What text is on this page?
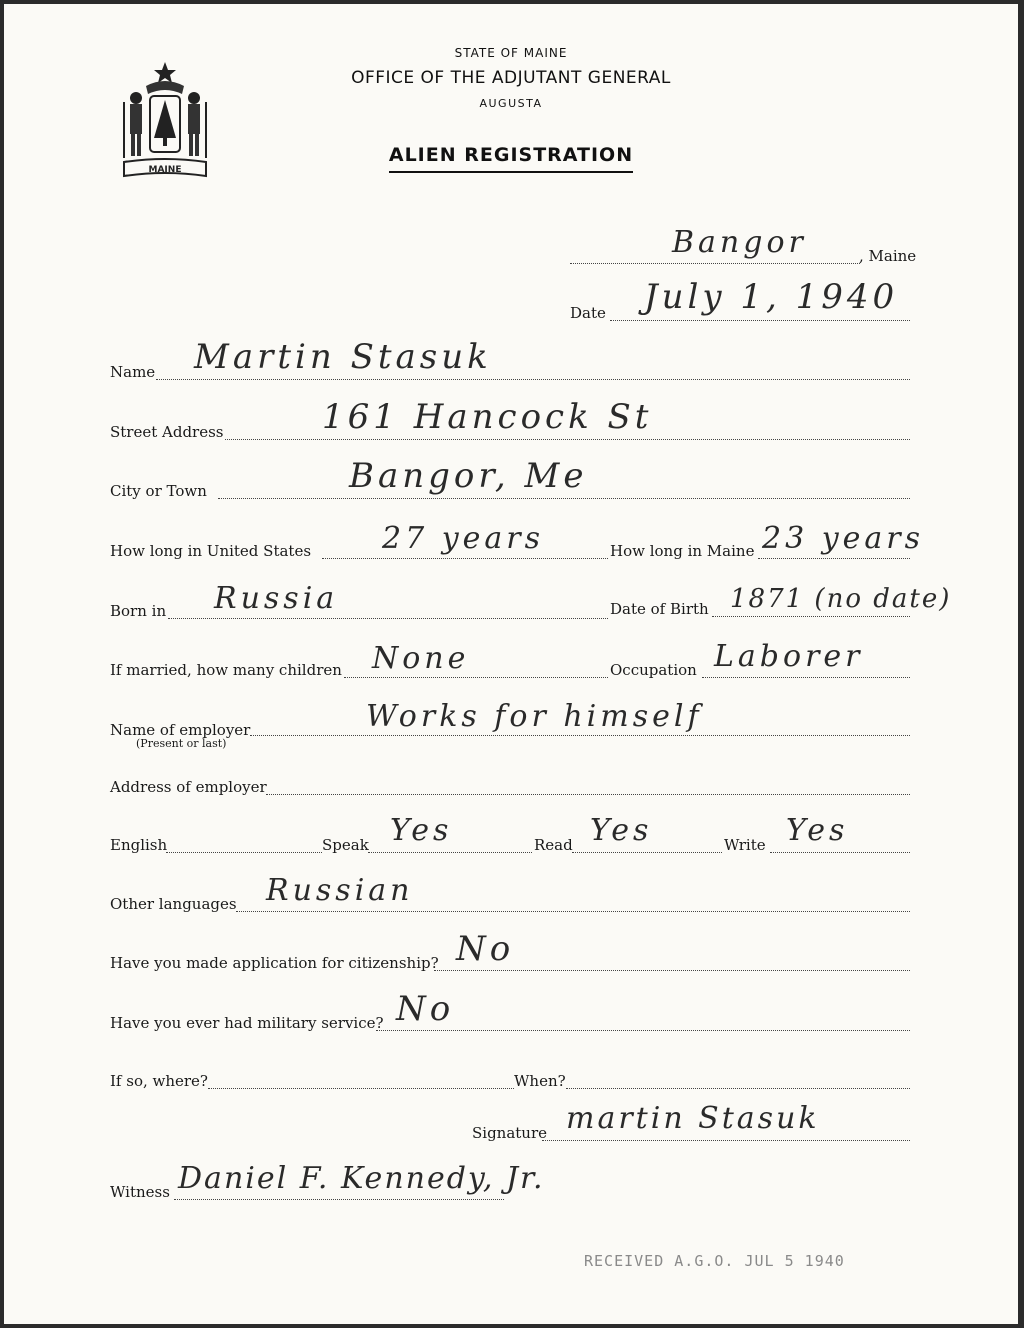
MAINE
STATE OF MAINE
OFFICE OF THE ADJUTANT GENERAL
AUGUSTA
ALIEN REGISTRATION
, Maine
Bangor
Date July 1, 1940
Name Martin Stasuk
Street Address	161 Hancock St
City or Town	Bangor, Me
How long in United States 27 years	How long in Maine 23 years
Born in Russia	Date of Birth 1871 (no date)
If married, how many children None	Occupation Laborer
Name of employer
(Present or last)
Works for himself
Address of employer
English	Speak Yes	Read Yes	Write Yes
Other languages Russian
Have you made application for citizenship? No
Have you ever had military service? No
If so, where?	When?
Signature martin Stasuk
Witness Daniel F. Kennedy, Jr.
RECEIVED A.G.O. JUL 5 1940
